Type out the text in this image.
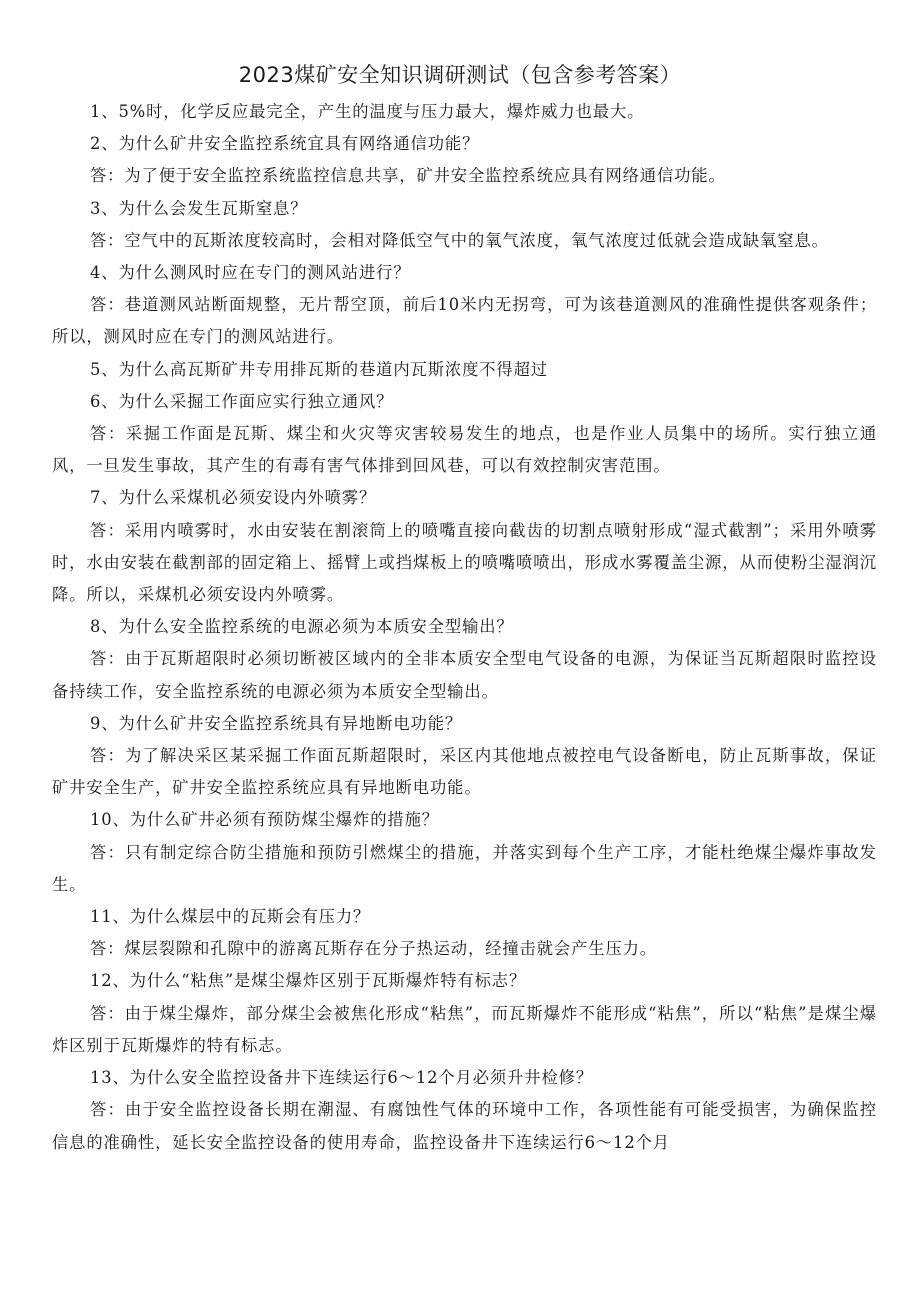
2023煤矿安全知识调研测试（包含参考答案）

1、5%时，化学反应最完全，产生的温度与压力最大，爆炸威力也最大。

2、为什么矿井安全监控系统宜具有网络通信功能？

答：为了便于安全监控系统监控信息共享，矿井安全监控系统应具有网络通信功能。

3、为什么会发生瓦斯窒息？

答：空气中的瓦斯浓度较高时，会相对降低空气中的氧气浓度，氧气浓度过低就会造成缺氧窒息。

4、为什么测风时应在专门的测风站进行？

答：巷道测风站断面规整，无片帮空顶，前后10米内无拐弯，可为该巷道测风的准确性提供客观条件；所以，测风时应在专门的测风站进行。

5、为什么高瓦斯矿井专用排瓦斯的巷道内瓦斯浓度不得超过

6、为什么采掘工作面应实行独立通风？

答：采掘工作面是瓦斯、煤尘和火灾等灾害较易发生的地点，也是作业人员集中的场所。实行独立通风，一旦发生事故，其产生的有毒有害气体排到回风巷，可以有效控制灾害范围。

7、为什么采煤机必须安设内外喷雾？

答：采用内喷雾时，水由安装在割滚筒上的喷嘴直接向截齿的切割点喷射形成“湿式截割”；采用外喷雾时，水由安装在截割部的固定箱上、摇臂上或挡煤板上的喷嘴喷喷出，形成水雾覆盖尘源，从而使粉尘湿润沉降。所以，采煤机必须安设内外喷雾。

8、为什么安全监控系统的电源必须为本质安全型输出？

答：由于瓦斯超限时必须切断被区域内的全非本质安全型电气设备的电源，为保证当瓦斯超限时监控设备持续工作，安全监控系统的电源必须为本质安全型输出。

9、为什么矿井安全监控系统具有异地断电功能？

答：为了解决采区某采掘工作面瓦斯超限时，采区内其他地点被控电气设备断电，防止瓦斯事故，保证矿井安全生产，矿井安全监控系统应具有异地断电功能。

10、为什么矿井必须有预防煤尘爆炸的措施？

答：只有制定综合防尘措施和预防引燃煤尘的措施，并落实到每个生产工序，才能杜绝煤尘爆炸事故发生。

11、为什么煤层中的瓦斯会有压力？

答：煤层裂隙和孔隙中的游离瓦斯存在分子热运动，经撞击就会产生压力。

12、为什么“粘焦”是煤尘爆炸区别于瓦斯爆炸特有标志？

答：由于煤尘爆炸，部分煤尘会被焦化形成“粘焦”，而瓦斯爆炸不能形成“粘焦”，所以“粘焦”是煤尘爆炸区别于瓦斯爆炸的特有标志。

13、为什么安全监控设备井下连续运行6～12个月必须升井检修？

答：由于安全监控设备长期在潮湿、有腐蚀性气体的环境中工作，各项性能有可能受损害，为确保监控信息的准确性，延长安全监控设备的使用寿命，监控设备井下连续运行6～12个月
